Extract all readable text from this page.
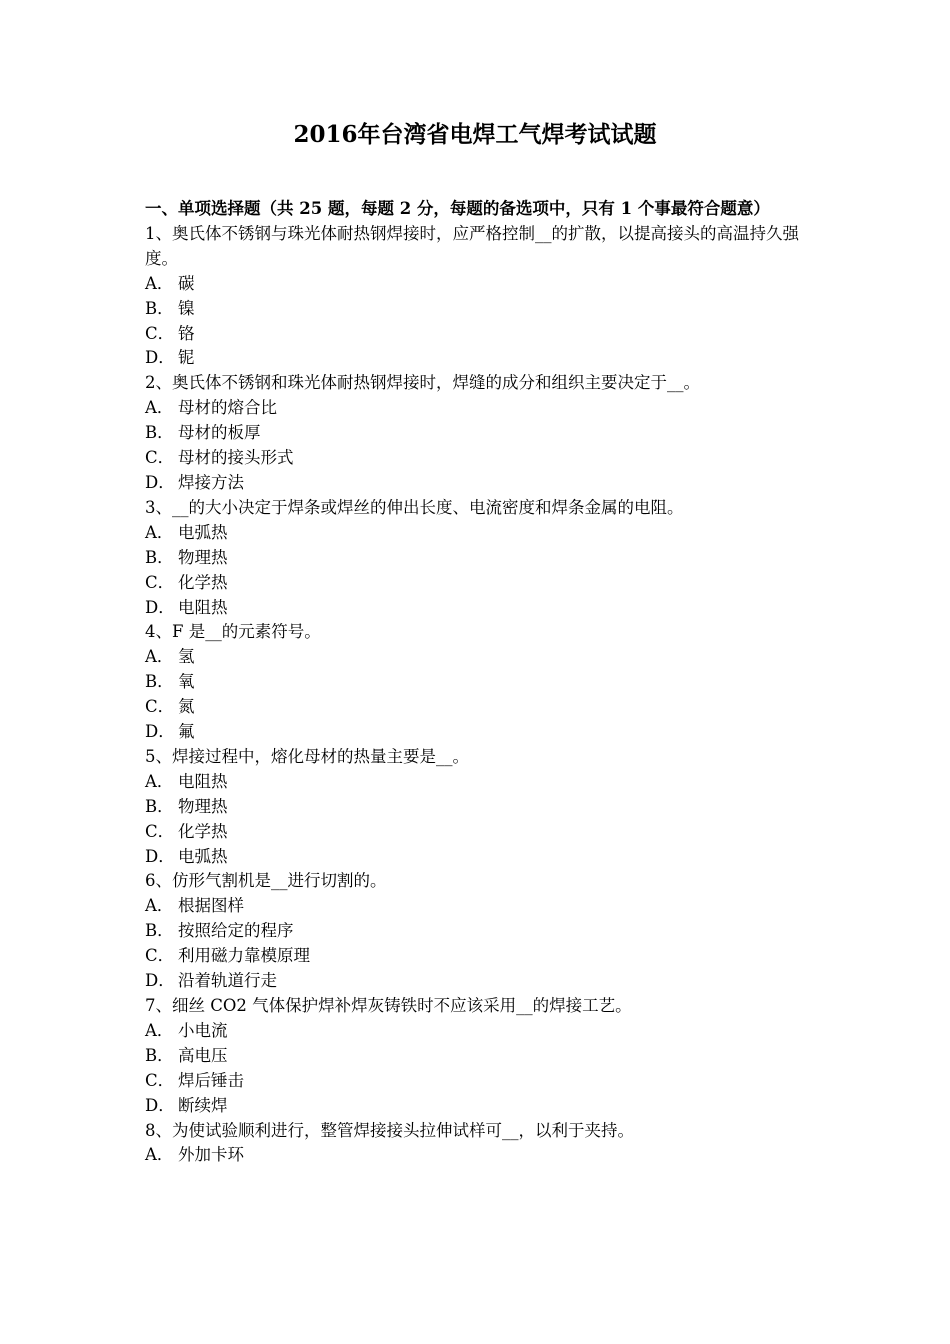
2016年台湾省电焊工气焊考试试题

一、单项选择题（共 25 题，每题 2 分，每题的备选项中，只有 1 个事最符合题意）

1、奥氏体不锈钢与珠光体耐热钢焊接时，应严格控制__的扩散，以提高接头的高温持久强度。

A． 碳

B． 镍

C． 铬

D． 铌

2、奥氏体不锈钢和珠光体耐热钢焊接时，焊缝的成分和组织主要决定于__。

A． 母材的熔合比

B． 母材的板厚

C． 母材的接头形式

D． 焊接方法

3、__的大小决定于焊条或焊丝的伸出长度、电流密度和焊条金属的电阻。

A． 电弧热

B． 物理热

C． 化学热

D． 电阻热

4、F 是__的元素符号。

A． 氢

B． 氧

C． 氮

D． 氟

5、焊接过程中，熔化母材的热量主要是__。

A． 电阻热

B． 物理热

C． 化学热

D． 电弧热

6、仿形气割机是__进行切割的。

A． 根据图样

B． 按照给定的程序

C． 利用磁力靠模原理

D． 沿着轨道行走

7、细丝 CO2 气体保护焊补焊灰铸铁时不应该采用__的焊接工艺。

A． 小电流

B． 高电压

C． 焊后锤击

D． 断续焊

8、为使试验顺利进行，整管焊接接头拉伸试样可__，以利于夹持。

A． 外加卡环
